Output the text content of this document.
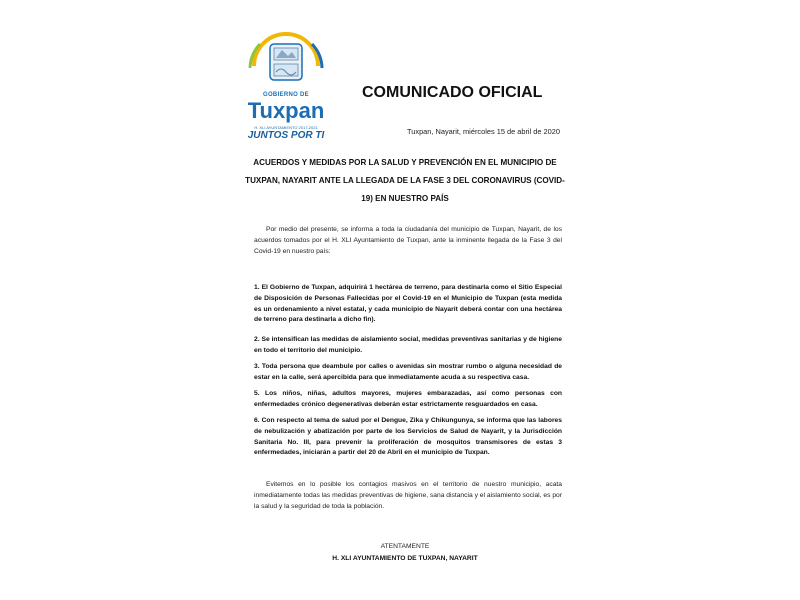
GOBIERNO DE
Tuxpan
H. XLI AYUNTAMIENTO 2017-2021
JUNTOS POR TI
COMUNICADO OFICIAL
Tuxpan, Nayarit, miércoles 15 de abril de 2020
ACUERDOS Y MEDIDAS POR LA SALUD Y PREVENCIÓN EN EL MUNICIPIO DE TUXPAN, NAYARIT ANTE LA LLEGADA DE LA FASE 3 DEL CORONAVIRUS (COVID-19) EN NUESTRO PAÍS

Por medio del presente, se informa a toda la ciudadanía del municipio de Tuxpan, Nayarit, de los acuerdos tomados por el H. XLI Ayuntamiento de Tuxpan, ante la inminente llegada de la Fase 3 del Covid-19 en nuestro país:

1. El Gobierno de Tuxpan, adquirirá 1 hectárea de terreno, para destinarla como el Sitio Especial de Disposición de Personas Fallecidas por el Covid-19 en el Municipio de Tuxpan (esta medida es un ordenamiento a nivel estatal, y cada municipio de Nayarit deberá contar con una hectárea de terreno para destinarla a dicho fin).

2. Se intensifican las medidas de aislamiento social, medidas preventivas sanitarias y de higiene en todo el territorio del municipio.

3. Toda persona que deambule por calles o avenidas sin mostrar rumbo o alguna necesidad de estar en la calle, será apercibida para que inmediatamente acuda a su respectiva casa.

5. Los niños, niñas, adultos mayores, mujeres embarazadas, así como personas con enfermedades crónico degenerativas deberán estar estrictamente resguardados en casa.

6. Con respecto al tema de salud por el Dengue, Zika y Chikungunya, se informa que las labores de nebulización y abatización por parte de los Servicios de Salud de Nayarit, y la Jurisdicción Sanitaria No. III, para prevenir la proliferación de mosquitos transmisores de estas 3 enfermedades, iniciarán a partir del 20 de Abril en el municipio de Tuxpan.

Evitemos en lo posible los contagios masivos en el territorio de nuestro municipio, acata inmediatamente todas las medidas preventivas de higiene, sana distancia y el aislamiento social, es por la salud y la seguridad de toda la población.

ATENTAMENTE
H. XLI AYUNTAMIENTO DE TUXPAN, NAYARIT
